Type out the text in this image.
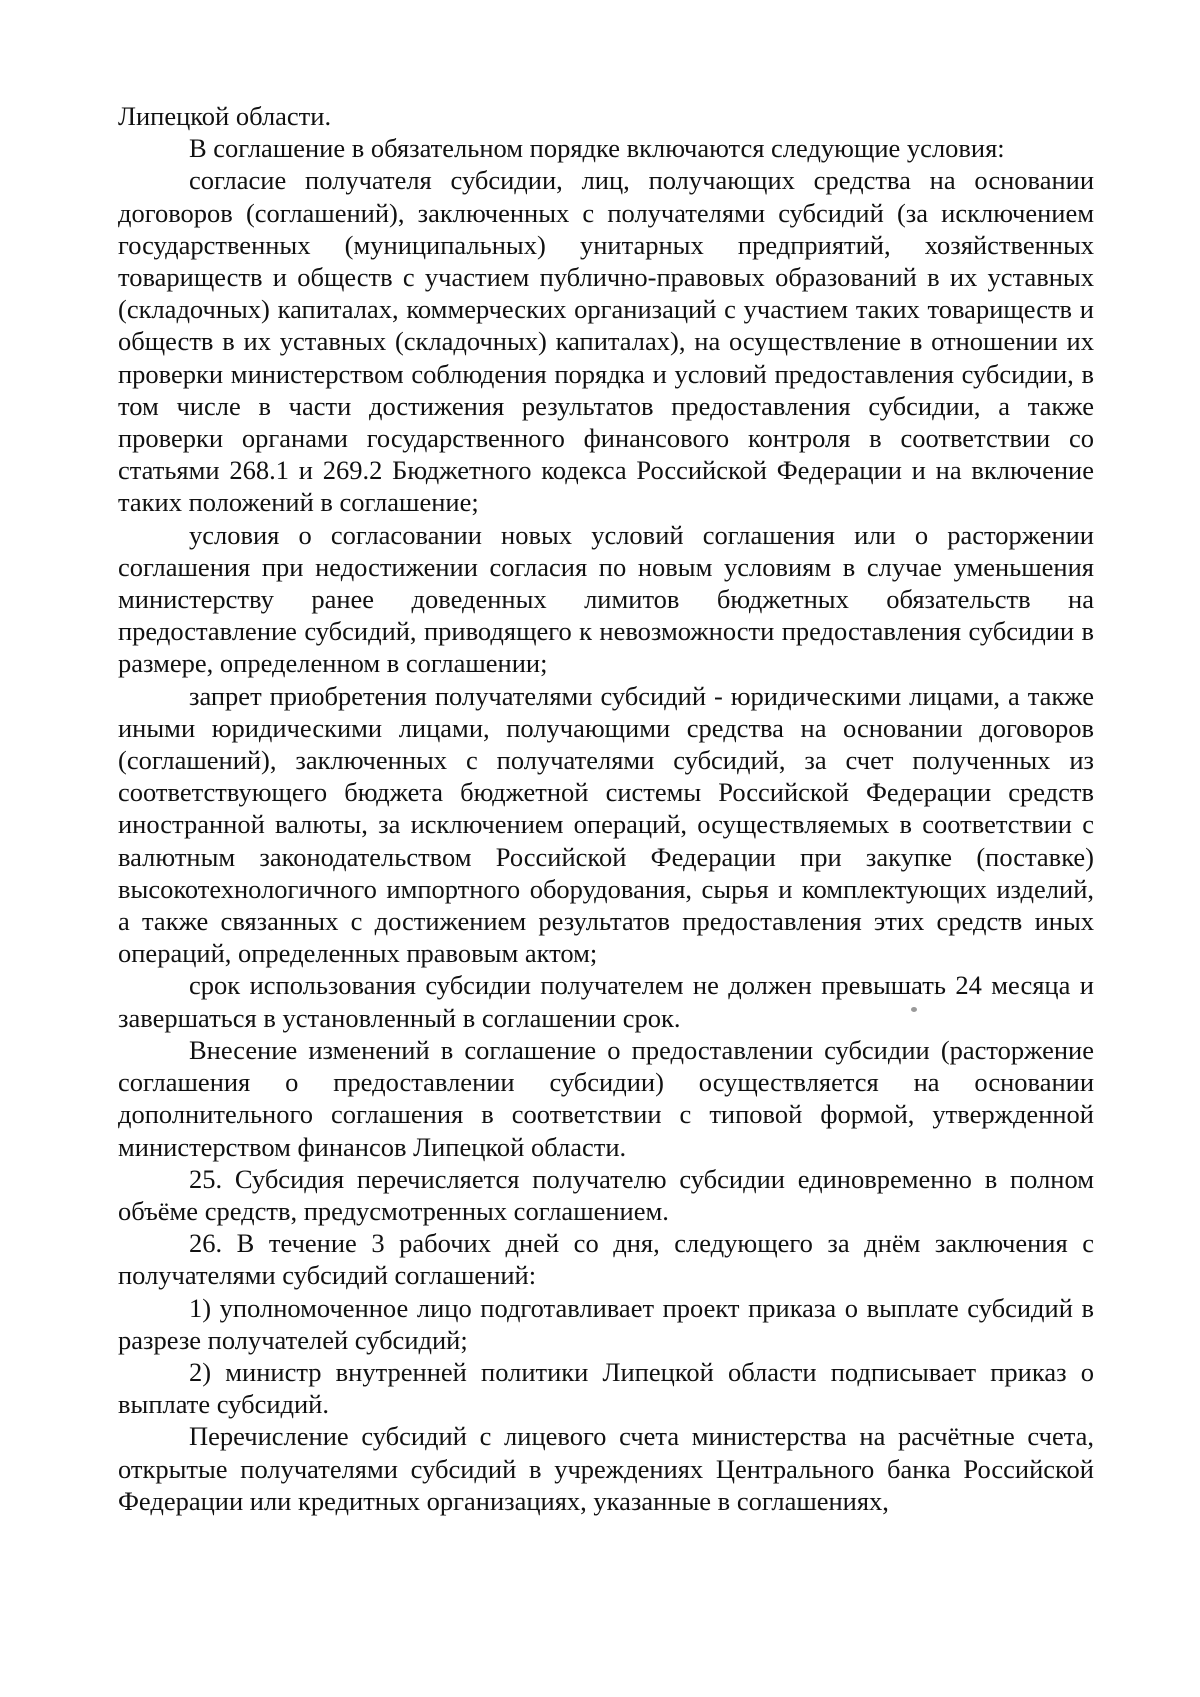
Липецкой области.

В соглашение в обязательном порядке включаются следующие условия:

согласие получателя субсидии, лиц, получающих средства на основании договоров (соглашений), заключенных с получателями субсидий (за исключением государственных (муниципальных) унитарных предприятий, хозяйственных товариществ и обществ с участием публично-правовых образований в их уставных (складочных) капиталах, коммерческих организаций с участием таких товариществ и обществ в их уставных (складочных) капиталах), на осуществление в отношении их проверки министерством соблюдения порядка и условий предоставления субсидии, в том числе в части достижения результатов предоставления субсидии, а также проверки органами государственного финансового контроля в соответствии со статьями 268.1 и 269.2 Бюджетного кодекса Российской Федерации и на включение таких положений в соглашение;

условия о согласовании новых условий соглашения или о расторжении соглашения при недостижении согласия по новым условиям в случае уменьшения министерству ранее доведенных лимитов бюджетных обязательств на предоставление субсидий, приводящего к невозможности предоставления субсидии в размере, определенном в соглашении;

запрет приобретения получателями субсидий - юридическими лицами, а также иными юридическими лицами, получающими средства на основании договоров (соглашений), заключенных с получателями субсидий, за счет полученных из соответствующего бюджета бюджетной системы Российской Федерации средств иностранной валюты, за исключением операций, осуществляемых в соответствии с валютным законодательством Российской Федерации при закупке (поставке) высокотехнологичного импортного оборудования, сырья и комплектующих изделий, а также связанных с достижением результатов предоставления этих средств иных операций, определенных правовым актом;

срок использования субсидии получателем не должен превышать 24 месяца и завершаться в установленный в соглашении срок.

Внесение изменений в соглашение о предоставлении субсидии (расторжение соглашения о предоставлении субсидии) осуществляется на основании дополнительного соглашения в соответствии с типовой формой, утвержденной министерством финансов Липецкой области.

25. Субсидия перечисляется получателю субсидии единовременно в полном объёме средств, предусмотренных соглашением.

26. В течение 3 рабочих дней со дня, следующего за днём заключения с получателями субсидий соглашений:

1) уполномоченное лицо подготавливает проект приказа о выплате субсидий в разрезе получателей субсидий;

2) министр внутренней политики Липецкой области подписывает приказ о выплате субсидий.

Перечисление субсидий с лицевого счета министерства на расчётные счета, открытые получателями субсидий в учреждениях Центрального банка Российской Федерации или кредитных организациях, указанные в соглашениях,
